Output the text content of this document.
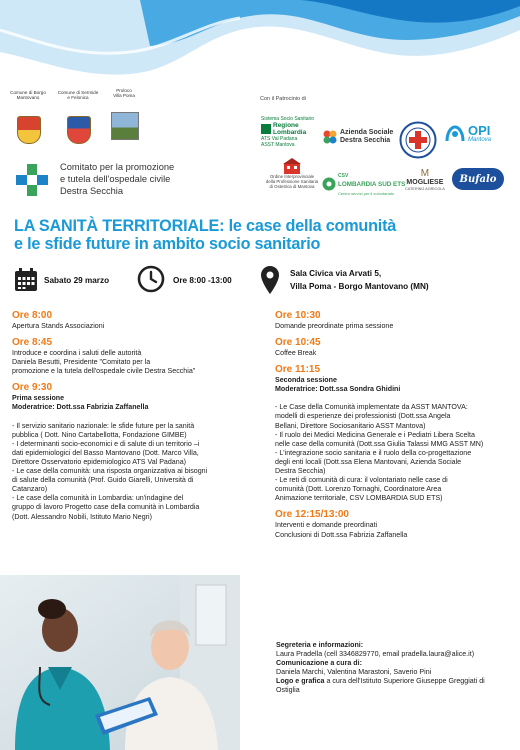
Comune di Borgo
Mantovano
Comune di Sermide
e Felonica
Proloco
Villa Poma
Comitato per la promozione
e tutela dell'ospedale civile
Destra Secchia
Con il Patrocinio di
Sistema Socio Sanitario
Regione
Lombardia
ATS Val Padana
ASST Mantova
Azienda Sociale
Destra Secchia
OPI
Mantova
Ordine Interprovinciale
della Professione Sanitaria
di Ostetrica di Mantova
CSV
LOMBARDIA SUD ETS
Centro servizi per il volontariato
M
MOGLIESE
CATERING AGRICOLA
Bufalo
LA SANITÀ TERRITORIALE: le case della comunità
e le sfide future in ambito socio sanitario
Sabato 29 marzo	Ore 8:00 -13:00
Sala Civica via Arvati 5,
Villa Poma - Borgo Mantovano (MN)

Ore 8:00

Apertura Stands Associazioni

Ore 8:45

Introduce e coordina i saluti delle autorità

Daniela Besutti, Presidente "Comitato per la

promozione e la tutela dell'ospedale civile Destra Secchia"

Ore 9:30

Prima sessione

Moderatrice: Dott.ssa Fabrizia Zaffanella

- Il servizio sanitario nazionale: le sfide future per la sanità

pubblica ( Dott. Nino Cartabellotta, Fondazione GIMBE)

- I determinanti socio-economici e di salute di un territorio –i

dati epidemiologici del Basso Mantovano (Dott. Marco Villa,

Direttore Osservatorio epidemiologico ATS Val Padana)

- Le case della comunità: una risposta organizzativa ai bisogni

di salute della comunità (Prof. Guido Giarelli, Università di

Catanzaro)

- Le case della comunità in Lombardia: un'indagine del

gruppo di lavoro Progetto case della comunità in Lombardia

(Dott. Alessandro Nobili, Istituto Mario Negri)

Ore 10:30

Domande preordinate prima sessione

Ore 10:45

Coffee Break

Ore 11:15

Seconda sessione

Moderatrice: Dott.ssa Sondra Ghidini

- Le Case della Comunità implementate da ASST MANTOVA:

modelli di esperienze dei professionisti (Dott.ssa Angela

Bellani, Direttore Sociosanitario ASST Mantova)

- Il ruolo dei Medici Medicina Generale e i Pediatri Libera Scelta

nelle case della comunità (Dott.ssa Giulia Talassi MMG ASST MN)

- L'integrazione socio sanitaria e il ruolo della co-progettazione

degli enti locali (Dott.ssa Elena Mantovani, Azienda Sociale

Destra Secchia)

- Le reti di comunità di cura: il volontariato nelle case di

comunità (Dott. Lorenzo Tornaghi, Coordinatore Area

Animazione territoriale, CSV LOMBARDIA SUD ETS)

Ore 12:15/13:00

Interventi e domande preordinati

Conclusioni di Dott.ssa Fabrizia Zaffanella

Segreteria e informazioni:

Laura Pradella (cell 3346829770, email pradella.laura@alice.it)

Comunicazione a cura di:

Daniela Marchi, Valentina Marastoni, Saverio Pini

Logo e grafica a cura dell'Istituto Superiore Giuseppe Greggiati di

Ostiglia
